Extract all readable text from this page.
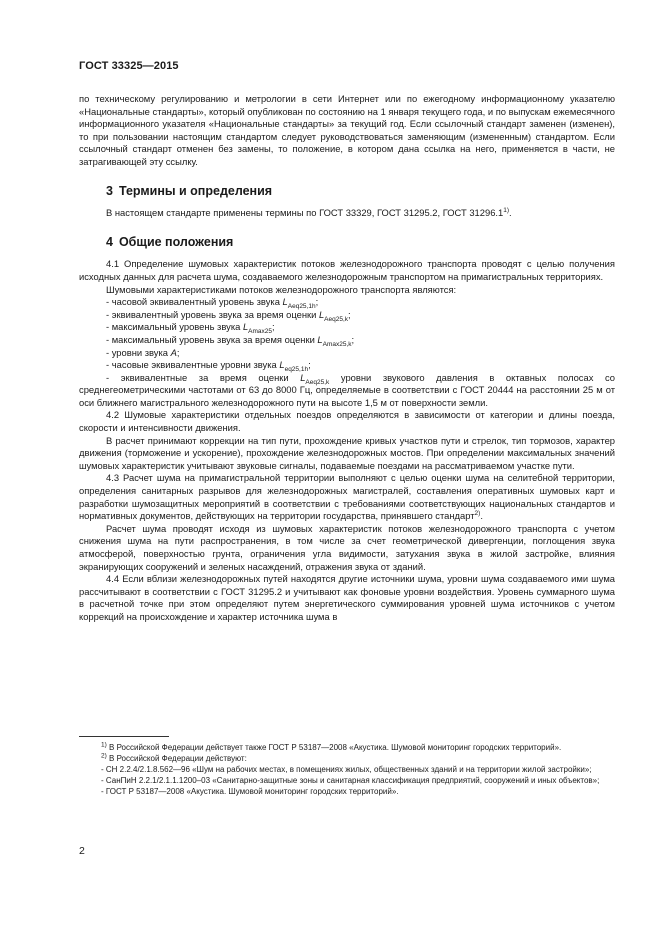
ГОСТ 33325—2015

по техническому регулированию и метрологии в сети Интернет или по ежегодному информационному указателю «Национальные стандарты», который опубликован по состоянию на 1 января текущего года, и по выпускам ежемесячного информационного указателя «Национальные стандарты» за текущий год. Если ссылочный стандарт заменен (изменен), то при пользовании настоящим стандартом следует руководствоваться заменяющим (измененным) стандартом. Если ссылочный стандарт отменен без замены, то положение, в котором дана ссылка на него, применяется в части, не затрагивающей эту ссылку.

3 Термины и определения

В настоящем стандарте применены термины по ГОСТ 33329, ГОСТ 31295.2, ГОСТ 31296.1$^{1)}$.

4 Общие положения

4.1 Определение шумовых характеристик потоков железнодорожного транспорта проводят с целью получения исходных данных для расчета шума, создаваемого железнодорожным транспортом на примагистральных территориях.

Шумовыми характеристиками потоков железнодорожного транспорта являются:

- часовой эквивалентный уровень звука $L_{Aeq25,1h}$;

- эквивалентный уровень звука за время оценки $L_{Aeq25,k}$;

- максимальный уровень звука $L_{Amax25}$;

- максимальный уровень звука за время оценки $L_{Amax25,k}$;

- уровни звука A;

- часовые эквивалентные уровни звука $L_{eq25,1h}$;

- эквивалентные за время оценки $L_{Aeq25,k}$ уровни звукового давления в октавных полосах со среднегеометрическими частотами от 63 до 8000 Гц, определяемые в соответствии с ГОСТ 20444 на расстоянии 25 м от оси ближнего магистрального железнодорожного пути на высоте 1,5 м от поверхности земли.

4.2 Шумовые характеристики отдельных поездов определяются в зависимости от категории и длины поезда, скорости и интенсивности движения.

В расчет принимают коррекции на тип пути, прохождение кривых участков пути и стрелок, тип тормозов, характер движения (торможение и ускорение), прохождение железнодорожных мостов. При определении максимальных значений шумовых характеристик учитывают звуковые сигналы, подаваемые поездами на рассматриваемом участке пути.

4.3 Расчет шума на примагистральной территории выполняют с целью оценки шума на селитебной территории, определения санитарных разрывов для железнодорожных магистралей, составления оперативных шумовых карт и разработки шумозащитных мероприятий в соответствии с требованиями соответствующих национальных стандартов и нормативных документов, действующих на территории государства, принявшего стандарт$^{2)}$.

Расчет шума проводят исходя из шумовых характеристик потоков железнодорожного транспорта с учетом снижения шума на пути распространения, в том числе за счет геометрической дивергенции, поглощения звука атмосферой, поверхностью грунта, ограничения угла видимости, затухания звука в жилой застройке, влияния экранирующих сооружений и зеленых насаждений, отражения звука от зданий.

4.4 Если вблизи железнодорожных путей находятся другие источники шума, уровни шума создаваемого ими шума рассчитывают в соответствии с ГОСТ 31295.2 и учитывают как фоновые уровни воздействия. Уровень суммарного шума в расчетной точке при этом определяют путем энергетического суммирования уровней шума источников с учетом коррекций на происхождение и характер источника шума в

$^{1)}$ В Российской Федерации действует также ГОСТ Р 53187—2008 «Акустика. Шумовой мониторинг городских территорий».

$^{2)}$ В Российской Федерации действуют:

- СН 2.2.4/2.1.8.562—96 «Шум на рабочих местах, в помещениях жилых, общественных зданий и на территории жилой застройки»;

- СанПиН 2.2.1/2.1.1.1200–03 «Санитарно-защитные зоны и санитарная классификация предприятий, сооружений и иных объектов»;

- ГОСТ Р 53187—2008 «Акустика. Шумовой мониторинг городских территорий».

2
